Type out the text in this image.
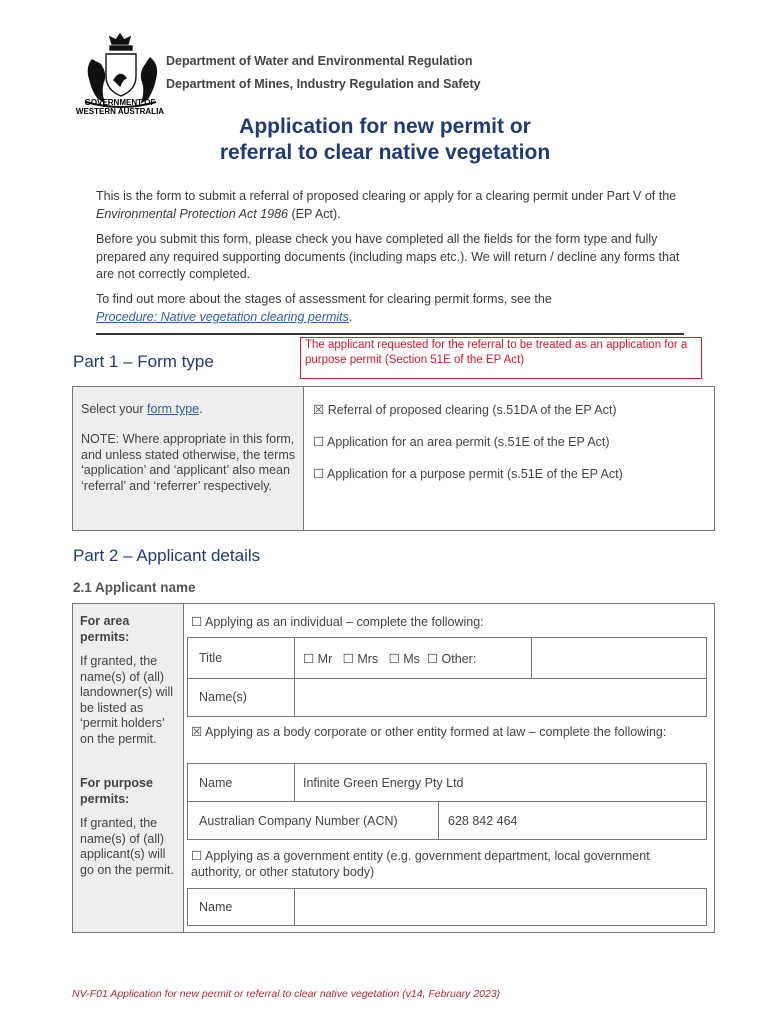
GOVERNMENT OF
WESTERN AUSTRALIA
Department of Water and Environmental Regulation
Department of Mines, Industry Regulation and Safety
Application for new permit or
referral to clear native vegetation
This is the form to submit a referral of proposed clearing or apply for a clearing permit under Part V of the Environmental Protection Act 1986 (EP Act).
Before you submit this form, please check you have completed all the fields for the form type and fully prepared any required supporting documents (including maps etc.). We will return / decline any forms that are not correctly completed.
To find out more about the stages of assessment for clearing permit forms, see the
Procedure: Native vegetation clearing permits.
The applicant requested for the referral to be treated as an application for a purpose permit (Section 51E of the EP Act)
Part 1 – Form type
Select your form type.
NOTE: Where appropriate in this form, and unless stated otherwise, the terms ‘application’ and ‘applicant’ also mean ‘referral’ and ‘referrer’ respectively.
☒ Referral of proposed clearing (s.51DA of the EP Act)
☐ Application for an area permit (s.51E of the EP Act)
☐ Application for a purpose permit (s.51E of the EP Act)
Part 2 – Applicant details
2.1 Applicant name
For area permits:
If granted, the name(s) of (all) landowner(s) will be listed as ‘permit holders’ on the permit.
For purpose permits:
If granted, the name(s) of (all) applicant(s) will go on the permit.
☐ Applying as an individual – complete the following:
Title	☐ Mr   ☐ Mrs   ☐ Ms  ☐ Other:
Name(s)
☒ Applying as a body corporate or other entity formed at law – complete the following:
Name	Infinite Green Energy Pty Ltd
Australian Company Number (ACN)	628 842 464
☐ Applying as a government entity (e.g. government department, local government authority, or other statutory body)
Name
NV-F01 Application for new permit or referral to clear native vegetation (v14, February 2023)
